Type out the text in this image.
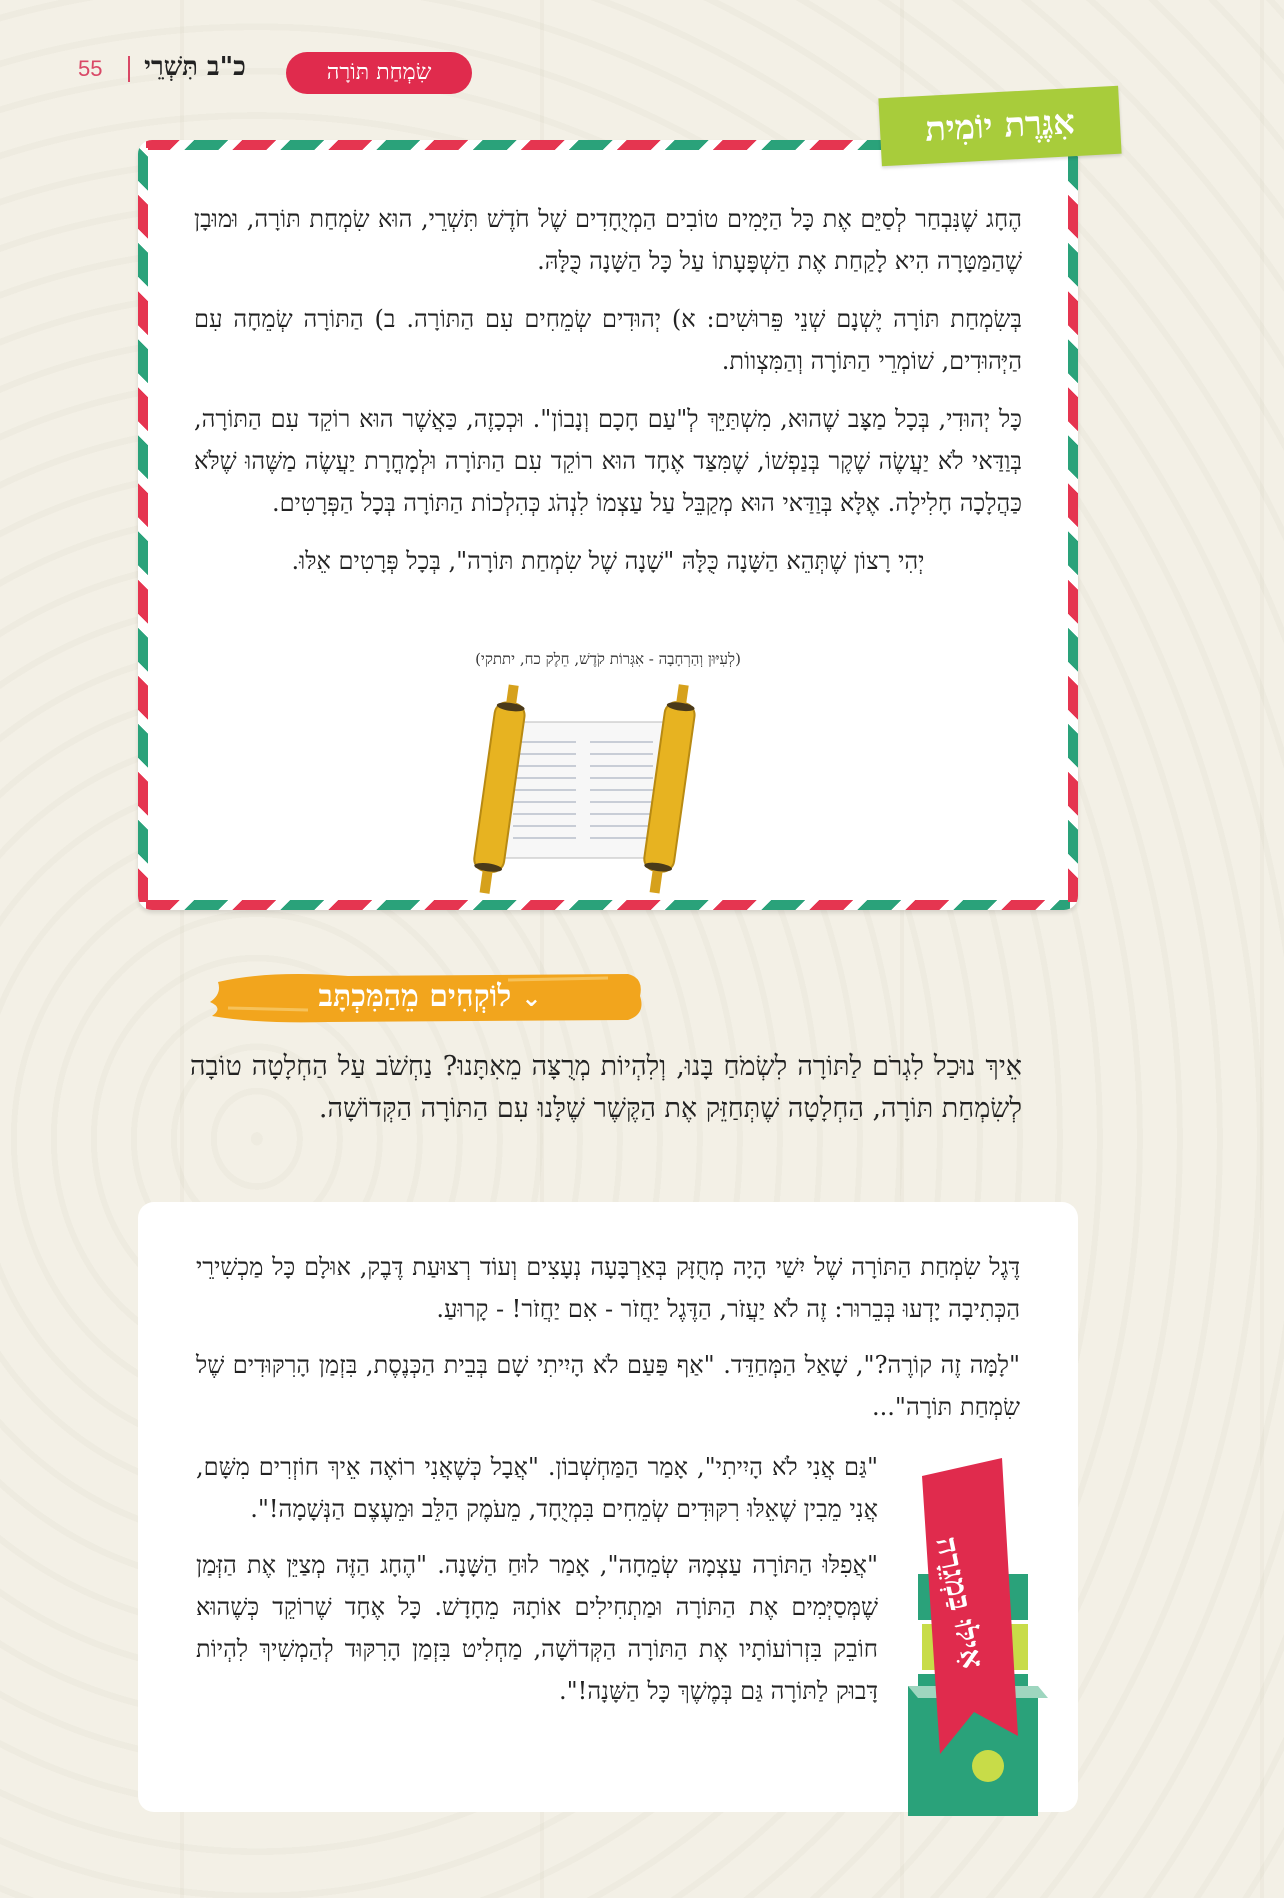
55 כ"ב תִּשְׁרֵי	שִׂמְחַת תּוֹרָה

הֶחָג שֶׁנִּבְחַר לְסַיֵּם אֶת כָּל הַיָּמִים טוֹבִים הַמְיֻחָדִים שֶׁל חֹדֶשׁ תִּשְׁרֵי, הוּא שִׂמְחַת תּוֹרָה, וּמוּבָן שֶׁהַמַּטָּרָה הִיא לָקַחַת אֶת הַשְׁפָּעָתוֹ עַל כָּל הַשָּׁנָה כֻּלָּהּ.

בְּשִׂמְחַת תּוֹרָה יֶשְׁנָם שְׁנֵי פֵּרוּשִׁים: א) יְהוּדִים שְׂמֵחִים עִם הַתּוֹרָה. ב) הַתּוֹרָה שְׂמֵחָה עִם הַיְּהוּדִים, שׁוֹמְרֵי הַתּוֹרָה וְהַמִּצְווֹת.

כָּל יְהוּדִי, בְּכָל מַצָּב שֶׁהוּא, מִשְׁתַּיֵּךְ לְ"עַם חָכָם וְנָבוֹן". וּכְכָזֶה, כַּאֲשֶׁר הוּא רוֹקֵד עִם הַתּוֹרָה, בְּוַדַּאי לֹא יַעֲשֶׂה שֶׁקֶר בְּנַפְשׁוֹ, שֶׁמִּצַּד אֶחָד הוּא רוֹקֵד עִם הַתּוֹרָה וּלְמָחֳרָת יַעֲשֶׂה מַשֶּׁהוּ שֶׁלֹּא כַּהֲלָכָה חָלִילָה. אֶלָּא בְּוַדַּאי הוּא מְקַבֵּל עַל עַצְמוֹ לִנְהֹג כְּהִלְכוֹת הַתּוֹרָה בְּכָל הַפְּרָטִים.

יְהִי רָצוֹן שֶׁתְּהֵא הַשָּׁנָה כֻּלָּהּ "שָׁנָה שֶׁל שִׂמְחַת תּוֹרָה", בְּכָל פְּרָטִים אֵלּוּ.

(לְעִיּוּן וְהַרְחָבָה - אִגְּרוֹת קֹדֶשׁ, חֵלֶק כח, יתתקי)
אִגֶּרֶת יוֹמִית
⌄לוֹקְחִים מֵהַמִּכְתָּב

אֵיךְ נוּכַל לִגְרֹם לַתּוֹרָה לִשְׂמֹחַ בָּנוּ, וְלִהְיוֹת מְרֻצָּה מֵאִתָּנוּ? נַחְשֹׁב עַל הַחְלָטָה טוֹבָה לְשִׂמְחַת תּוֹרָה, הַחְלָטָה שֶׁתְּחַזֵּק אֶת הַקֶּשֶׁר שֶׁלָּנוּ עִם הַתּוֹרָה הַקְּדוֹשָׁה.

דֶּגֶל שִׂמְחַת הַתּוֹרָה שֶׁל יִשַׁי הָיָה מְחֻזָּק בְּאַרְבָּעָה נְעָצִים וְעוֹד רְצוּעַת דֶּבֶק, אוּלָם כָּל מַכְשִׁירֵי הַכְּתִיבָה יָדְעוּ בְּבֵרוּר: זֶה לֹא יַעֲזֹר, הַדֶּגֶל יַחֲזֹר - אִם יַחֲזֹר! - קָרוּעַ.

"לָמָּה זֶה קוֹרֶה?", שָׁאַל הַמְּחַדֵּד. "אַף פַּעַם לֹא הָיִיתִי שָׁם בְּבֵית הַכְּנֶסֶת, בִּזְמַן הָרִקּוּדִים שֶׁל שִׂמְחַת תּוֹרָה"...

"גַּם אֲנִי לֹא הָיִיתִי", אָמַר הַמַּחְשְׁבוֹן. "אֲבָל כְּשֶׁאֲנִי רוֹאֶה אֵיךְ חוֹזְרִים מִשָּׁם, אֲנִי מֵבִין שֶׁאֵלּוּ רִקּוּדִים שְׂמֵחִים בִּמְיֻחָד, מֵעֹמֶק הַלֵּב וּמֵעֶצֶם הַנְּשָׁמָה!".

"אֲפִלּוּ הַתּוֹרָה עַצְמָהּ שְׂמֵחָה", אָמַר לוּחַ הַשָּׁנָה. "הֶחָג הַזֶּה מְצַיֵּן אֶת הַזְּמַן שֶׁמְּסַיְּמִים אֶת הַתּוֹרָה וּמַתְחִילִים אוֹתָהּ מֵחָדָשׁ. כָּל אֶחָד שֶׁרוֹקֵד כְּשֶׁהוּא חוֹבֵק בִּזְרוֹעוֹתָיו אֶת הַתּוֹרָה הַקְּדוֹשָׁה, מַחְלִיט בִּזְמַן הָרִקּוּד לְהַמְשִׁיךְ לִהְיוֹת דָּבוּק לַתּוֹרָה גַּם בְּמֶשֶׁךְ כָּל הַשָּׁנָה!".

אִילּוּ בַּמְגֵרָה
